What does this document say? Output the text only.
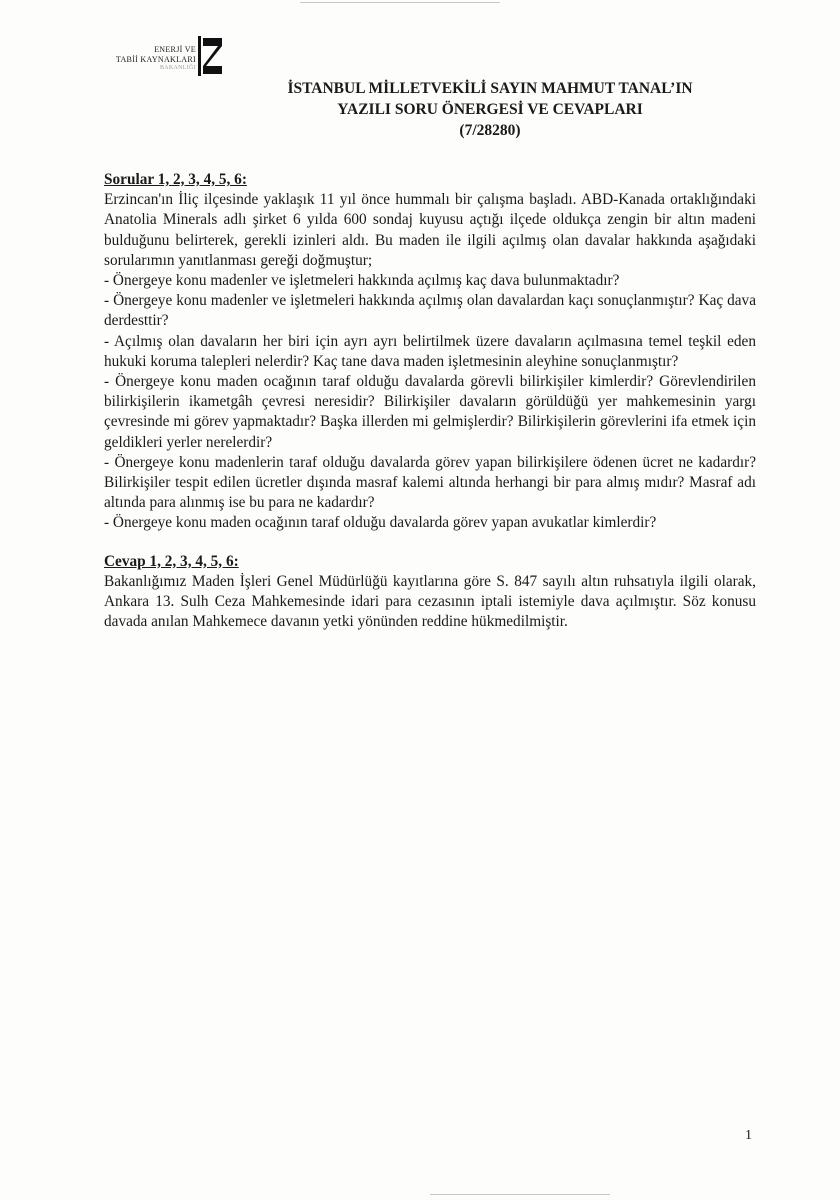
ENERJİ VE
TABİİ KAYNAKLARI
BAKANLIĞI
İSTANBUL MİLLETVEKİLİ SAYIN MAHMUT TANAL’IN
YAZILI SORU ÖNERGESİ VE CEVAPLARI
(7/28280)
Sorular 1, 2, 3, 4, 5, 6:
Erzincan'ın İliç ilçesinde yaklaşık 11 yıl önce hummalı bir çalışma başladı. ABD-Kanada ortaklığındaki Anatolia Minerals adlı şirket 6 yılda 600 sondaj kuyusu açtığı ilçede oldukça zengin bir altın madeni bulduğunu belirterek, gerekli izinleri aldı. Bu maden ile ilgili açılmış olan davalar hakkında aşağıdaki sorularımın yanıtlanması gereği doğmuştur;
- Önergeye konu madenler ve işletmeleri hakkında açılmış kaç dava bulunmaktadır?
- Önergeye konu madenler ve işletmeleri hakkında açılmış olan davalardan kaçı sonuçlanmıştır? Kaç dava derdesttir?
- Açılmış olan davaların her biri için ayrı ayrı belirtilmek üzere davaların açılmasına temel teşkil eden hukuki koruma talepleri nelerdir? Kaç tane dava maden işletmesinin aleyhine sonuçlanmıştır?
- Önergeye konu maden ocağının taraf olduğu davalarda görevli bilirkişiler kimlerdir? Görevlendirilen bilirkişilerin ikametgâh çevresi neresidir? Bilirkişiler davaların görüldüğü yer mahkemesinin yargı çevresinde mi görev yapmaktadır? Başka illerden mi gelmişlerdir? Bilirkişilerin görevlerini ifa etmek için geldikleri yerler nerelerdir?
- Önergeye konu madenlerin taraf olduğu davalarda görev yapan bilirkişilere ödenen ücret ne kadardır? Bilirkişiler tespit edilen ücretler dışında masraf kalemi altında herhangi bir para almış mıdır? Masraf adı altında para alınmış ise bu para ne kadardır?
- Önergeye konu maden ocağının taraf olduğu davalarda görev yapan avukatlar kimlerdir?
Cevap 1, 2, 3, 4, 5, 6:
Bakanlığımız Maden İşleri Genel Müdürlüğü kayıtlarına göre S. 847 sayılı altın ruhsatıyla ilgili olarak, Ankara 13. Sulh Ceza Mahkemesinde idari para cezasının iptali istemiyle dava açılmıştır. Söz konusu davada anılan Mahkemece davanın yetki yönünden reddine hükmedilmiştir.
1
